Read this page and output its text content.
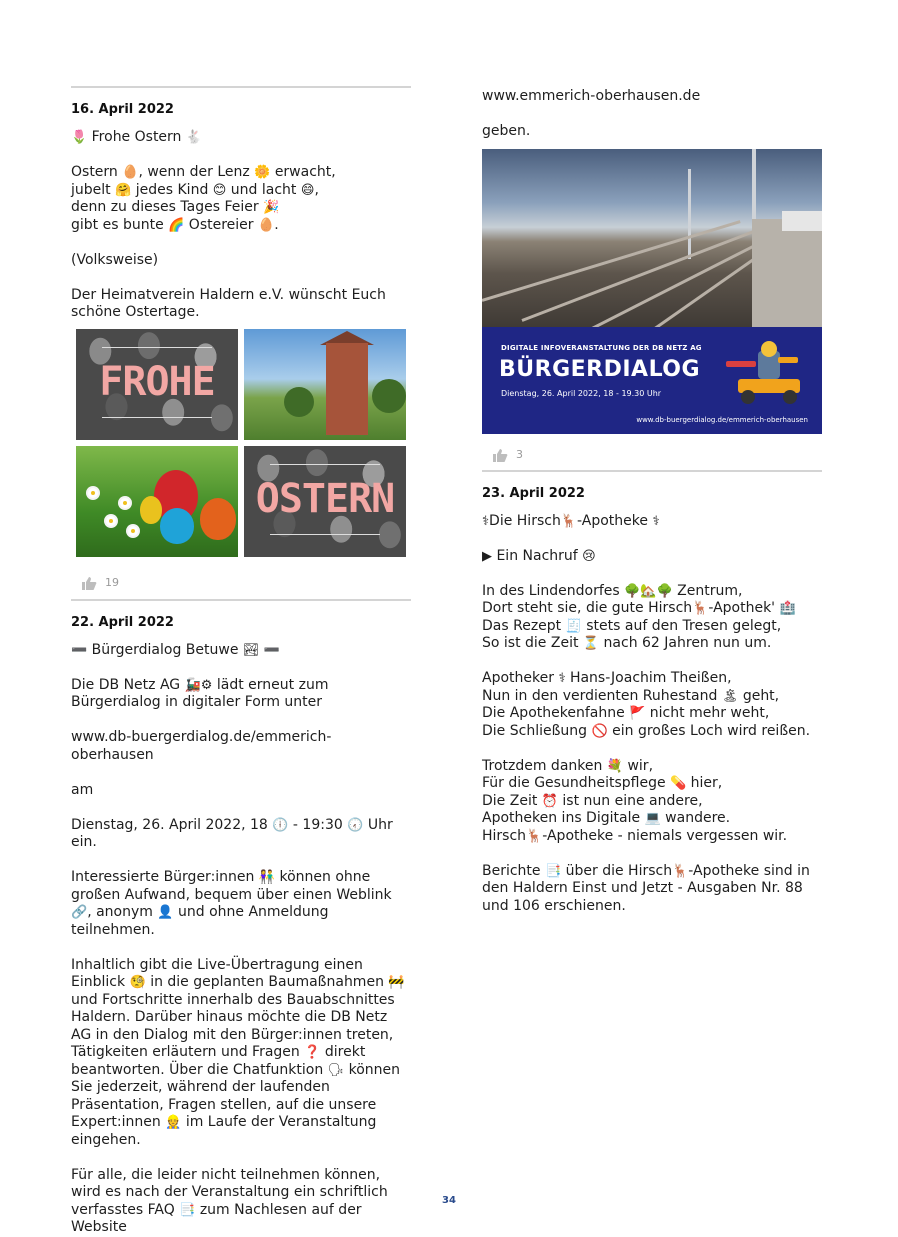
16. April 2022

🌷 Frohe Ostern 🐇

Ostern 🥚, wenn der Lenz 🌼 erwacht,

jubelt 🤗 jedes Kind 😊 und lacht 😄,

denn zu dieses Tages Feier 🎉

gibt es bunte 🌈 Ostereier 🥚.

(Volksweise)

Der Heimatverein Haldern e.V. wünscht Euch schöne Ostertage.

FROHE
OSTERN
19
22. April 2022

➖ Bürgerdialog Betuwe 🏞 ➖

Die DB Netz AG 🚂⚙ lädt erneut zum Bürgerdialog in digitaler Form unter

www.db-buergerdialog.de/emmerich-oberhausen

am

Dienstag, 26. April 2022, 18 🕕 - 19:30 🕢 Uhr ein.

Interessierte Bürger:innen 👫 können ohne großen Aufwand, bequem über einen Weblink 🔗, anonym 👤 und ohne Anmeldung teilnehmen.

Inhaltlich gibt die Live-Übertragung einen Einblick 🧐 in die geplanten Baumaßnahmen 🚧 und Fortschritte innerhalb des Bauabschnittes Haldern. Darüber hinaus möchte die DB Netz AG in den Dialog mit den Bürger:innen treten, Tätigkeiten erläutern und Fragen ❓ direkt beantworten. Über die Chatfunktion 🗣 können Sie jederzeit, während der laufenden Präsentation, Fragen stellen, auf die unsere Expert:innen 👷 im Laufe der Veranstaltung eingehen.

Für alle, die leider nicht teilnehmen können, wird es nach der Veranstaltung ein schriftlich verfasstes FAQ 📑 zum Nachlesen auf der Website

www.emmerich-oberhausen.de

geben.

DIGITALE INFOVERANSTALTUNG DER DB NETZ AG
BÜRGERDIALOG
Dienstag, 26. April 2022, 18 - 19.30 Uhr
www.db-buergerdialog.de/emmerich-oberhausen
3
23. April 2022

⚕Die Hirsch🦌-Apotheke ⚕

▶ Ein Nachruf 😢

In des Lindendorfes 🌳🏡🌳 Zentrum,

Dort steht sie, die gute Hirsch🦌-Apothek' 🏥

Das Rezept 🧾 stets auf den Tresen gelegt,

So ist die Zeit ⏳ nach 62 Jahren nun um.

Apotheker ⚕ Hans-Joachim Theißen,

Nun in den verdienten Ruhestand 🏝 geht,

Die Apothekenfahne 🚩 nicht mehr weht,

Die Schließung 🚫 ein großes Loch wird reißen.

Trotzdem danken 💐 wir,

Für die Gesundheitspflege 💊 hier,

Die Zeit ⏰ ist nun eine andere,

Apotheken ins Digitale 💻 wandere.

Hirsch🦌-Apotheke - niemals vergessen wir.

Berichte 📑 über die Hirsch🦌-Apotheke sind in den Haldern Einst und Jetzt - Ausgaben Nr. 88 und 106 erschienen.

34
